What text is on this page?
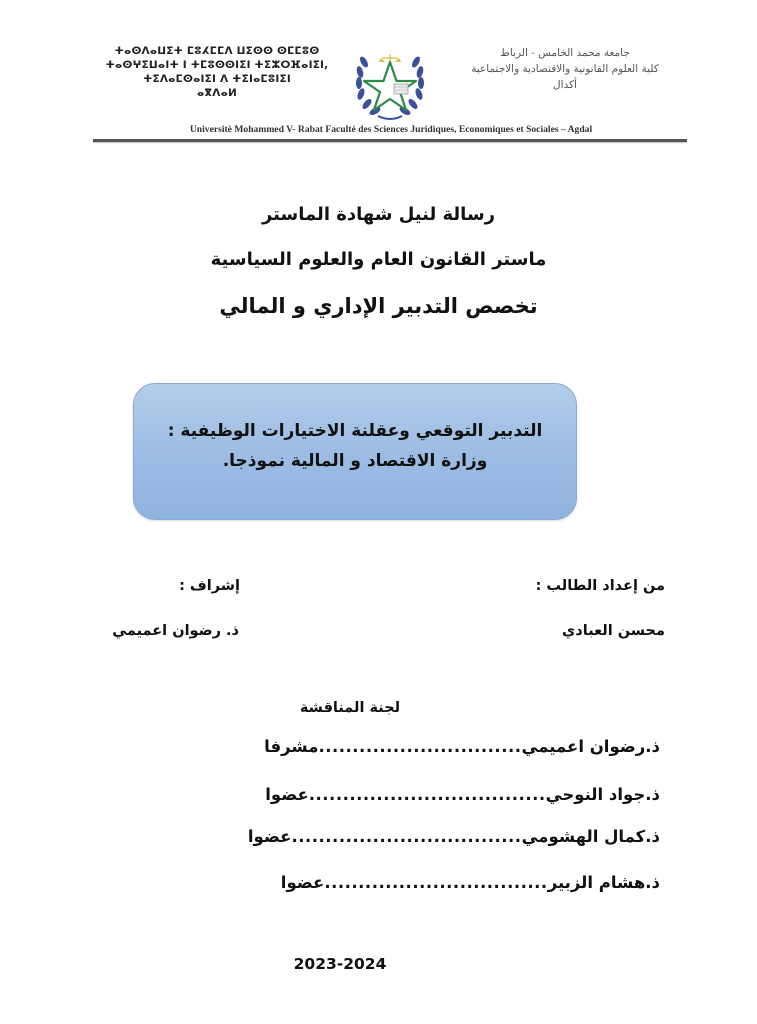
ⵜⴰⵙⴷⴰⵡⵉⵜ ⵎⵓⵃⵎⵎⴷ ⵡⵉⵙⵙ ⵙⵎⵎⵓⵙ
ⵜⴰⵙⵖⵉⵡⴰⵏⵜ ⵏ ⵜⵎⵓⵙⵙⵏⵉⵏ ⵜⵉⵣⵔⴼⴰⵏⵉⵏ,
ⵜⵉⴷⴰⵎⵙⴰⵏⵉⵏ ⴷ ⵜⵉⵏⴰⵎⵓⵏⵉⵏ
ⴰⴳⴷⴰⵍ
جامعة محمد الخامس - الرباط
كلية العلوم القانونية والاقتصادية والاجتماعية
أكدال
Universitè Mohammed V- Rabat Faculté des Sciences Juridiques, Economiques et Sociales – Agdal
رسالة لنيل شهادة الماستر
ماستر القانون العام والعلوم السياسية
تخصص التدبير الإداري و المالي
التدبير التوقعي وعقلنة الاختيارات الوظيفية :
وزارة الاقتصاد و المالية نموذجا.
من إعداد الطالب :
محسن العبادي
إشراف :
ذ. رضوان اعميمي
لجنة المناقشة
ذ.رضوان اعميمي..............................مشرفا
ذ.جواد النوحي...................................عضوا
ذ.كمال الهشومي..................................عضوا
ذ.هشام الزبير.................................عضوا
2023-2024
